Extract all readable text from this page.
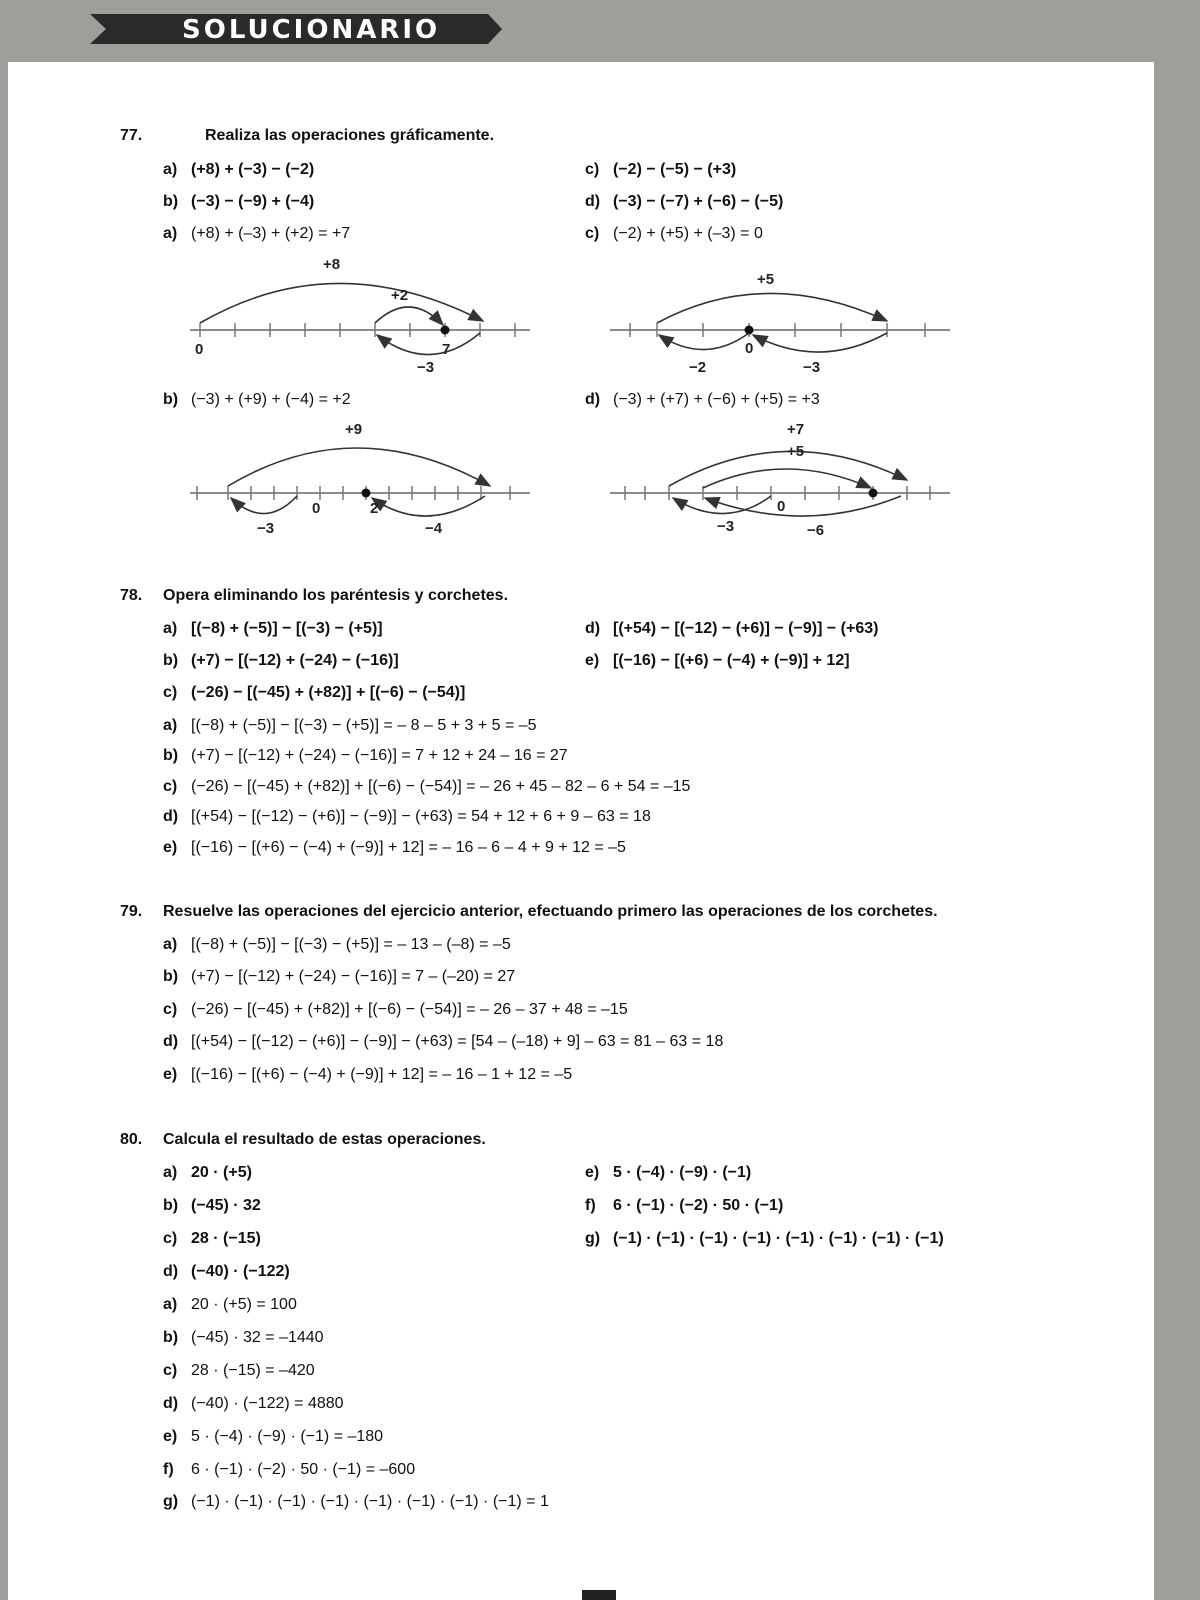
SOLUCIONARIO
77.	Realiza las operaciones gráficamente.
a) (+8) + (−3) − (−2)
b) (−3) − (−9) + (−4)
c) (−2) − (−5) − (+3)
d) (−3) − (−7) + (−6) − (−5)
a) (+8) + (–3) + (+2) = +7	c) (−2) + (+5) + (–3) = 0
+8
+2
0	7
−3
+5
0
−2	−3
b) (−3) + (+9) + (−4) = +2	d) (−3) + (+7) + (−6) + (+5) = +3
+9
0	2
−3	−4
+7
+5
0
−3	−6
78. Opera eliminando los paréntesis y corchetes.
a) [(−8) + (−5)] − [(−3) − (+5)]
b) (+7) − [(−12) + (−24) − (−16)]
c) (−26) − [(−45) + (+82)] + [(−6) − (−54)]
d) [(+54) − [(−12) − (+6)] − (−9)] − (+63)
e) [(−16) − [(+6) − (−4) + (−9)] + 12]
a) [(−8) + (−5)] − [(−3) − (+5)] = – 8 – 5 + 3 + 5 = –5
b) (+7) − [(−12) + (−24) − (−16)] = 7 + 12 + 24 – 16 = 27
c) (−26) − [(−45) + (+82)] + [(−6) − (−54)] = – 26 + 45 – 82 – 6 + 54 = –15
d) [(+54) − [(−12) − (+6)] − (−9)] − (+63) = 54 + 12 + 6 + 9 – 63 = 18
e) [(−16) − [(+6) − (−4) + (−9)] + 12] = – 16 – 6 – 4 + 9 + 12 = –5
79. Resuelve las operaciones del ejercicio anterior, efectuando primero las operaciones de los corchetes.
a) [(−8) + (−5)] − [(−3) − (+5)] = – 13 – (–8) = –5
b) (+7) − [(−12) + (−24) − (−16)] = 7 – (–20) = 27
c) (−26) − [(−45) + (+82)] + [(−6) − (−54)] = – 26 – 37 + 48 = –15
d) [(+54) − [(−12) − (+6)] − (−9)] − (+63) = [54 – (–18) + 9] – 63 = 81 – 63 = 18
e) [(−16) − [(+6) − (−4) + (−9)] + 12] = – 16 – 1 + 12 = –5
80. Calcula el resultado de estas operaciones.
a) 20 · (+5)
b) (−45) · 32
c) 28 · (−15)
d) (−40) · (−122)
e) 5 · (−4) · (−9) · (−1)
f) 6 · (−1) · (−2) · 50 · (−1)
g) (−1) · (−1) · (−1) · (−1) · (−1) · (−1) · (−1) · (−1)
a) 20 · (+5) = 100
b) (−45) · 32 = –1440
c) 28 · (−15) = –420
d) (−40) · (−122) = 4880
e) 5 · (−4) · (−9) · (−1) = –180
f) 6 · (−1) · (−2) · 50 · (−1) = –600
g) (−1) · (−1) · (−1) · (−1) · (−1) · (−1) · (−1) · (−1) = 1
